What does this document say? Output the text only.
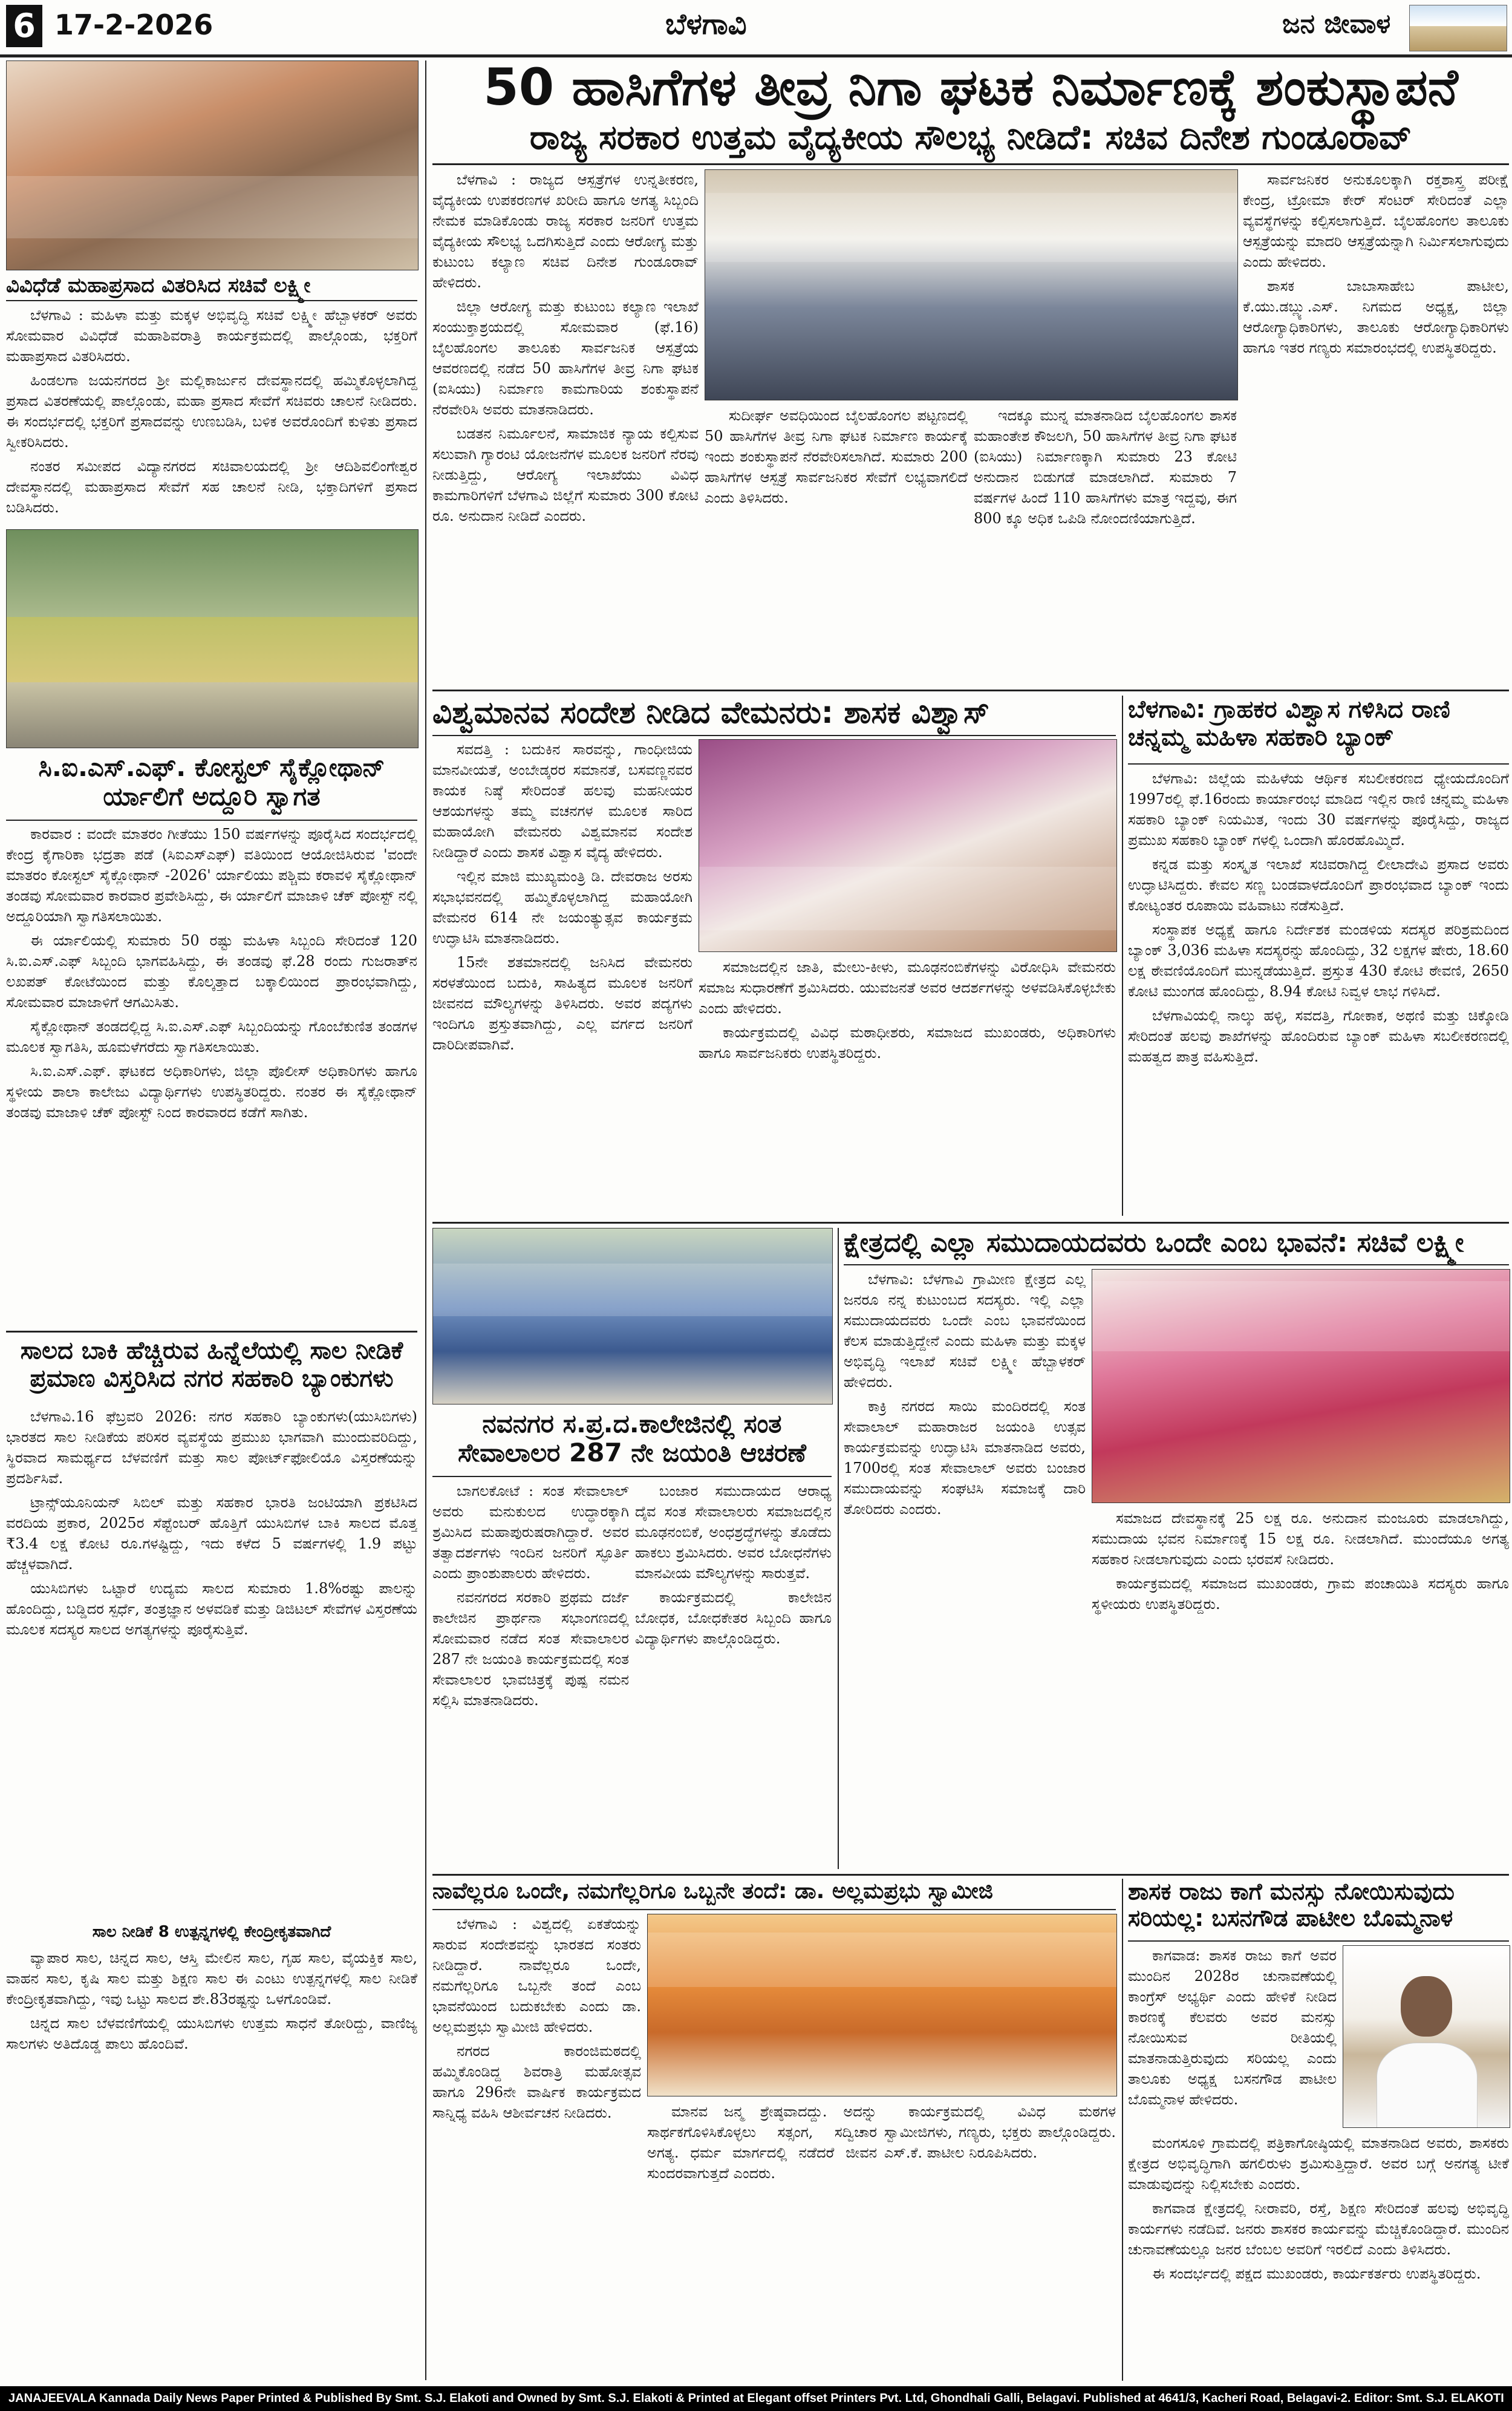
6 17-2-2026	ಬೆಳಗಾವಿ	ಜನ ಜೀವಾಳ
ವಿವಿಧೆಡೆ ಮಹಾಪ್ರಸಾದ ವಿತರಿಸಿದ ಸಚಿವೆ ಲಕ್ಷ್ಮೀ

ಬೆಳಗಾವಿ : ಮಹಿಳಾ ಮತ್ತು ಮಕ್ಕಳ ಅಭಿವೃದ್ಧಿ ಸಚಿವೆ ಲಕ್ಷ್ಮೀ ಹೆಬ್ಬಾಳಕರ್ ಅವರು ಸೋಮವಾರ ವಿವಿಧೆಡೆ ಮಹಾಶಿವರಾತ್ರಿ ಕಾರ್ಯಕ್ರಮದಲ್ಲಿ ಪಾಲ್ಗೊಂಡು, ಭಕ್ತರಿಗೆ ಮಹಾಪ್ರಸಾದ ವಿತರಿಸಿದರು.

ಹಿಂಡಲಗಾ ಜಯನಗರದ ಶ್ರೀ ಮಲ್ಲಿಕಾರ್ಜುನ ದೇವಸ್ಥಾನದಲ್ಲಿ ಹಮ್ಮಿಕೊಳ್ಳಲಾಗಿದ್ದ ಪ್ರಸಾದ ವಿತರಣೆಯಲ್ಲಿ ಪಾಲ್ಗೊಂಡು, ಮಹಾ ಪ್ರಸಾದ ಸೇವೆಗೆ ಸಚಿವರು ಚಾಲನೆ ನೀಡಿದರು. ಈ ಸಂದರ್ಭದಲ್ಲಿ ಭಕ್ತರಿಗೆ ಪ್ರಸಾದವನ್ನು ಉಣಬಡಿಸಿ, ಬಳಿಕ ಅವರೊಂದಿಗೆ ಕುಳಿತು ಪ್ರಸಾದ ಸ್ವೀಕರಿಸಿದರು.

ನಂತರ ಸಮೀಪದ ವಿದ್ಯಾನಗರದ ಸಚಿವಾಲಯದಲ್ಲಿ ಶ್ರೀ ಆದಿಶಿವಲಿಂಗೇಶ್ವರ ದೇವಸ್ಥಾನದಲ್ಲಿ ಮಹಾಪ್ರಸಾದ ಸೇವೆಗೆ ಸಹ ಚಾಲನೆ ನೀಡಿ, ಭಕ್ತಾದಿಗಳಿಗೆ ಪ್ರಸಾದ ಬಡಿಸಿದರು.

ಸಿ.ಐ.ಎಸ್.ಎಫ್. ಕೋಸ್ಟಲ್ ಸೈಕ್ಲೋಥಾನ್ ರ್ಯಾಲಿಗೆ ಅದ್ದೂರಿ ಸ್ವಾಗತ

ಕಾರವಾರ : ವಂದೇ ಮಾತರಂ ಗೀತೆಯು 150 ವರ್ಷಗಳನ್ನು ಪೂರೈಸಿದ ಸಂದರ್ಭದಲ್ಲಿ ಕೇಂದ್ರ ಕೈಗಾರಿಕಾ ಭದ್ರತಾ ಪಡೆ (ಸಿಐಎಸ್‌ಎಫ್) ವತಿಯಿಂದ ಆಯೋಜಿಸಿರುವ 'ವಂದೇ ಮಾತರಂ ಕೋಸ್ಟಲ್ ಸೈಕ್ಲೋಥಾನ್ -2026' ರ್ಯಾಲಿಯು ಪಶ್ಚಿಮ ಕರಾವಳಿ ಸೈಕ್ಲೋಥಾನ್ ತಂಡವು ಸೋಮವಾರ ಕಾರವಾರ ಪ್ರವೇಶಿಸಿದ್ದು, ಈ ರ್ಯಾಲಿಗೆ ಮಾಜಾಳಿ ಚೆಕ್ ಪೋಸ್ಟ್ ನಲ್ಲಿ ಅದ್ದೂರಿಯಾಗಿ ಸ್ವಾಗತಿಸಲಾಯಿತು.

ಈ ರ್ಯಾಲಿಯಲ್ಲಿ ಸುಮಾರು 50 ರಷ್ಟು ಮಹಿಳಾ ಸಿಬ್ಬಂದಿ ಸೇರಿದಂತೆ 120 ಸಿ.ಐ.ಎಸ್.ಎಫ್ ಸಿಬ್ಬಂದಿ ಭಾಗವಹಿಸಿದ್ದು, ಈ ತಂಡವು ಫೆ.28 ರಂದು ಗುಜರಾತ್‌ನ ಲಖಪತ್ ಕೋಟೆಯಿಂದ ಮತ್ತು ಕೊಲ್ಕತ್ತಾದ ಬಕ್ಕಾಲಿಯಿಂದ ಪ್ರಾರಂಭವಾಗಿದ್ದು, ಸೋಮವಾರ ಮಾಜಾಳಿಗೆ ಆಗಮಿಸಿತು.

ಸೈಕ್ಲೋಥಾನ್ ತಂಡದಲ್ಲಿದ್ದ ಸಿ.ಐ.ಎಸ್.ಎಫ್ ಸಿಬ್ಬಂದಿಯನ್ನು ಗೊಂಬೆಕುಣಿತ ತಂಡಗಳ ಮೂಲಕ ಸ್ವಾಗತಿಸಿ, ಹೂಮಳೆಗರೆದು ಸ್ವಾಗತಿಸಲಾಯಿತು.

ಸಿ.ಐ.ಎಸ್.ಎಫ್. ಘಟಕದ ಅಧಿಕಾರಿಗಳು, ಜಿಲ್ಲಾ ಪೊಲೀಸ್ ಅಧಿಕಾರಿಗಳು ಹಾಗೂ ಸ್ಥಳೀಯ ಶಾಲಾ ಕಾಲೇಜು ವಿದ್ಯಾರ್ಥಿಗಳು ಉಪಸ್ಥಿತರಿದ್ದರು. ನಂತರ ಈ ಸೈಕ್ಲೋಥಾನ್ ತಂಡವು ಮಾಜಾಳಿ ಚೆಕ್ ಪೋಸ್ಟ್ ನಿಂದ ಕಾರವಾರದ ಕಡೆಗೆ ಸಾಗಿತು.

ಸಾಲದ ಬಾಕಿ ಹೆಚ್ಚಿರುವ ಹಿನ್ನೆಲೆಯಲ್ಲಿ ಸಾಲ ನೀಡಿಕೆ ಪ್ರಮಾಣ ವಿಸ್ತರಿಸಿದ ನಗರ ಸಹಕಾರಿ ಬ್ಯಾಂಕುಗಳು

ಬೆಳಗಾವಿ.16 ಫೆಬ್ರವರಿ 2026: ನಗರ ಸಹಕಾರಿ ಬ್ಯಾಂಕುಗಳು(ಯುಸಿಬಿಗಳು) ಭಾರತದ ಸಾಲ ನೀಡಿಕೆಯ ಪರಿಸರ ವ್ಯವಸ್ಥೆಯ ಪ್ರಮುಖ ಭಾಗವಾಗಿ ಮುಂದುವರಿದಿದ್ದು, ಸ್ಥಿರವಾದ ಸಾಮರ್ಥ್ಯದ ಬೆಳವಣಿಗೆ ಮತ್ತು ಸಾಲ ಪೋರ್ಟ್‌ಫೋಲಿಯೊ ವಿಸ್ತರಣೆಯನ್ನು ಪ್ರದರ್ಶಿಸಿವೆ.

ಟ್ರಾನ್ಸ್‌ಯೂನಿಯನ್ ಸಿಬಿಲ್ ಮತ್ತು ಸಹಕಾರ ಭಾರತಿ ಜಂಟಿಯಾಗಿ ಪ್ರಕಟಿಸಿದ ವರದಿಯ ಪ್ರಕಾರ, 2025ರ ಸೆಪ್ಟೆಂಬರ್ ಹೊತ್ತಿಗೆ ಯುಸಿಬಿಗಳ ಬಾಕಿ ಸಾಲದ ಮೊತ್ತ ₹3.4 ಲಕ್ಷ ಕೋಟಿ ರೂ.ಗಳಷ್ಟಿದ್ದು, ಇದು ಕಳೆದ 5 ವರ್ಷಗಳಲ್ಲಿ 1.9 ಪಟ್ಟು ಹೆಚ್ಚಳವಾಗಿದೆ.

ಯುಸಿಬಿಗಳು ಒಟ್ಟಾರೆ ಉದ್ಯಮ ಸಾಲದ ಸುಮಾರು 1.8%ರಷ್ಟು ಪಾಲನ್ನು ಹೊಂದಿದ್ದು, ಬಡ್ಡಿದರ ಸ್ಪರ್ಧೆ, ತಂತ್ರಜ್ಞಾನ ಅಳವಡಿಕೆ ಮತ್ತು ಡಿಜಿಟಲ್ ಸೇವೆಗಳ ವಿಸ್ತರಣೆಯ ಮೂಲಕ ಸದಸ್ಯರ ಸಾಲದ ಅಗತ್ಯಗಳನ್ನು ಪೂರೈಸುತ್ತಿವೆ.

ಸಾಲ ನೀಡಿಕೆ 8 ಉತ್ಪನ್ನಗಳಲ್ಲಿ ಕೇಂದ್ರೀಕೃತವಾಗಿದೆ

ವ್ಯಾಪಾರ ಸಾಲ, ಚಿನ್ನದ ಸಾಲ, ಆಸ್ತಿ ಮೇಲಿನ ಸಾಲ, ಗೃಹ ಸಾಲ, ವೈಯಕ್ತಿಕ ಸಾಲ, ವಾಹನ ಸಾಲ, ಕೃಷಿ ಸಾಲ ಮತ್ತು ಶಿಕ್ಷಣ ಸಾಲ ಈ ಎಂಟು ಉತ್ಪನ್ನಗಳಲ್ಲಿ ಸಾಲ ನೀಡಿಕೆ ಕೇಂದ್ರೀಕೃತವಾಗಿದ್ದು, ಇವು ಒಟ್ಟು ಸಾಲದ ಶೇ.83ರಷ್ಟನ್ನು ಒಳಗೊಂಡಿವೆ.

ಚಿನ್ನದ ಸಾಲ ಬೆಳವಣಿಗೆಯಲ್ಲಿ ಯುಸಿಬಿಗಳು ಉತ್ತಮ ಸಾಧನೆ ತೋರಿದ್ದು, ವಾಣಿಜ್ಯ ಸಾಲಗಳು ಅತಿದೊಡ್ಡ ಪಾಲು ಹೊಂದಿವೆ.

50 ಹಾಸಿಗೆಗಳ ತೀವ್ರ ನಿಗಾ ಘಟಕ ನಿರ್ಮಾಣಕ್ಕೆ ಶಂಕುಸ್ಥಾಪನೆ
ರಾಜ್ಯ ಸರಕಾರ ಉತ್ತಮ ವೈದ್ಯಕೀಯ ಸೌಲಭ್ಯ ನೀಡಿದೆ: ಸಚಿವ ದಿನೇಶ ಗುಂಡೂರಾವ್

ಬೆಳಗಾವಿ : ರಾಜ್ಯದ ಆಸ್ಪತ್ರೆಗಳ ಉನ್ನತೀಕರಣ, ವೈದ್ಯಕೀಯ ಉಪಕರಣಗಳ ಖರೀದಿ ಹಾಗೂ ಅಗತ್ಯ ಸಿಬ್ಬಂದಿ ನೇಮಕ ಮಾಡಿಕೊಂಡು ರಾಜ್ಯ ಸರಕಾರ ಜನರಿಗೆ ಉತ್ತಮ ವೈದ್ಯಕೀಯ ಸೌಲಭ್ಯ ಒದಗಿಸುತ್ತಿದೆ ಎಂದು ಆರೋಗ್ಯ ಮತ್ತು ಕುಟುಂಬ ಕಲ್ಯಾಣ ಸಚಿವ ದಿನೇಶ ಗುಂಡೂರಾವ್ ಹೇಳಿದರು.

ಜಿಲ್ಲಾ ಆರೋಗ್ಯ ಮತ್ತು ಕುಟುಂಬ ಕಲ್ಯಾಣ ಇಲಾಖೆ ಸಂಯುಕ್ತಾಶ್ರಯದಲ್ಲಿ ಸೋಮವಾರ (ಫೆ.16) ಬೈಲಹೊಂಗಲ ತಾಲೂಕು ಸಾರ್ವಜನಿಕ ಆಸ್ಪತ್ರೆಯ ಆವರಣದಲ್ಲಿ ನಡೆದ 50 ಹಾಸಿಗೆಗಳ ತೀವ್ರ ನಿಗಾ ಘಟಕ (ಐಸಿಯು) ನಿರ್ಮಾಣ ಕಾಮಗಾರಿಯ ಶಂಕುಸ್ಥಾಪನೆ ನೆರವೇರಿಸಿ ಅವರು ಮಾತನಾಡಿದರು.

ಬಡತನ ನಿರ್ಮೂಲನೆ, ಸಾಮಾಜಿಕ ನ್ಯಾಯ ಕಲ್ಪಿಸುವ ಸಲುವಾಗಿ ಗ್ಯಾರಂಟಿ ಯೋಜನೆಗಳ ಮೂಲಕ ಜನರಿಗೆ ನೆರವು ನೀಡುತ್ತಿದ್ದು, ಆರೋಗ್ಯ ಇಲಾಖೆಯು ವಿವಿಧ ಕಾಮಗಾರಿಗಳಿಗೆ ಬೆಳಗಾವಿ ಜಿಲ್ಲೆಗೆ ಸುಮಾರು 300 ಕೋಟಿ ರೂ. ಅನುದಾನ ನೀಡಿದೆ ಎಂದರು.

ಸುದೀರ್ಘ ಅವಧಿಯಿಂದ ಬೈಲಹೊಂಗಲ ಪಟ್ಟಣದಲ್ಲಿ 50 ಹಾಸಿಗೆಗಳ ತೀವ್ರ ನಿಗಾ ಘಟಕ ನಿರ್ಮಾಣ ಕಾರ್ಯಕ್ಕೆ ಇಂದು ಶಂಕುಸ್ಥಾಪನೆ ನೆರವೇರಿಸಲಾಗಿದೆ. ಸುಮಾರು 200 ಹಾಸಿಗೆಗಳ ಆಸ್ಪತ್ರೆ ಸಾರ್ವಜನಿಕರ ಸೇವೆಗೆ ಲಭ್ಯವಾಗಲಿದೆ ಎಂದು ತಿಳಿಸಿದರು.

ಇದಕ್ಕೂ ಮುನ್ನ ಮಾತನಾಡಿದ ಬೈಲಹೊಂಗಲ ಶಾಸಕ ಮಹಾಂತೇಶ ಕೌಜಲಗಿ, 50 ಹಾಸಿಗೆಗಳ ತೀವ್ರ ನಿಗಾ ಘಟಕ (ಐಸಿಯು) ನಿರ್ಮಾಣಕ್ಕಾಗಿ ಸುಮಾರು 23 ಕೋಟಿ ಅನುದಾನ ಬಿಡುಗಡೆ ಮಾಡಲಾಗಿದೆ. ಸುಮಾರು 7 ವರ್ಷಗಳ ಹಿಂದೆ 110 ಹಾಸಿಗೆಗಳು ಮಾತ್ರ ಇದ್ದವು, ಈಗ 800 ಕ್ಕೂ ಅಧಿಕ ಒಪಿಡಿ ನೋಂದಣಿಯಾಗುತ್ತಿದೆ.

ಸಾರ್ವಜನಿಕರ ಅನುಕೂಲಕ್ಕಾಗಿ ರಕ್ತಶಾಸ್ತ್ರ ಪರೀಕ್ಷೆ ಕೇಂದ್ರ, ಟ್ರೋಮಾ ಕೇರ್ ಸೆಂಟರ್ ಸೇರಿದಂತೆ ಎಲ್ಲಾ ವ್ಯವಸ್ಥೆಗಳನ್ನು ಕಲ್ಪಿಸಲಾಗುತ್ತಿದೆ. ಬೈಲಹೊಂಗಲ ತಾಲೂಕು ಆಸ್ಪತ್ರೆಯನ್ನು ಮಾದರಿ ಆಸ್ಪತ್ರೆಯನ್ನಾಗಿ ನಿರ್ಮಿಸಲಾಗುವುದು ಎಂದು ಹೇಳಿದರು.

ಶಾಸಕ ಬಾಬಾಸಾಹೇಬ ಪಾಟೀಲ, ಕೆ.ಯು.ಡಬ್ಲ್ಯು.ಎಸ್. ನಿಗಮದ ಅಧ್ಯಕ್ಷ, ಜಿಲ್ಲಾ ಆರೋಗ್ಯಾಧಿಕಾರಿಗಳು, ತಾಲೂಕು ಆರೋಗ್ಯಾಧಿಕಾರಿಗಳು ಹಾಗೂ ಇತರ ಗಣ್ಯರು ಸಮಾರಂಭದಲ್ಲಿ ಉಪಸ್ಥಿತರಿದ್ದರು.

ವಿಶ್ವಮಾನವ ಸಂದೇಶ ನೀಡಿದ ವೇಮನರು: ಶಾಸಕ ವಿಶ್ವಾಸ್

ಸವದತ್ತಿ : ಬದುಕಿನ ಸಾರವನ್ನು, ಗಾಂಧೀಜಿಯ ಮಾನವೀಯತೆ, ಅಂಬೇಡ್ಕರರ ಸಮಾನತೆ, ಬಸವಣ್ಣನವರ ಕಾಯಕ ನಿಷ್ಠೆ ಸೇರಿದಂತೆ ಹಲವು ಮಹನೀಯರ ಆಶಯಗಳನ್ನು ತಮ್ಮ ವಚನಗಳ ಮೂಲಕ ಸಾರಿದ ಮಹಾಯೋಗಿ ವೇಮನರು ವಿಶ್ವಮಾನವ ಸಂದೇಶ ನೀಡಿದ್ದಾರೆ ಎಂದು ಶಾಸಕ ವಿಶ್ವಾಸ ವೈದ್ಯ ಹೇಳಿದರು.

ಇಲ್ಲಿನ ಮಾಜಿ ಮುಖ್ಯಮಂತ್ರಿ ಡಿ. ದೇವರಾಜ ಅರಸು ಸಭಾಭವನದಲ್ಲಿ ಹಮ್ಮಿಕೊಳ್ಳಲಾಗಿದ್ದ ಮಹಾಯೋಗಿ ವೇಮನರ 614 ನೇ ಜಯಂತ್ಯುತ್ಸವ ಕಾರ್ಯಕ್ರಮ ಉದ್ಘಾಟಿಸಿ ಮಾತನಾಡಿದರು.

15ನೇ ಶತಮಾನದಲ್ಲಿ ಜನಿಸಿದ ವೇಮನರು ಸರಳತೆಯಿಂದ ಬದುಕಿ, ಸಾಹಿತ್ಯದ ಮೂಲಕ ಜನರಿಗೆ ಜೀವನದ ಮೌಲ್ಯಗಳನ್ನು ತಿಳಿಸಿದರು. ಅವರ ಪದ್ಯಗಳು ಇಂದಿಗೂ ಪ್ರಸ್ತುತವಾಗಿದ್ದು, ಎಲ್ಲ ವರ್ಗದ ಜನರಿಗೆ ದಾರಿದೀಪವಾಗಿವೆ.

ಸಮಾಜದಲ್ಲಿನ ಜಾತಿ, ಮೇಲು-ಕೀಳು, ಮೂಢನಂಬಿಕೆಗಳನ್ನು ವಿರೋಧಿಸಿ ವೇಮನರು ಸಮಾಜ ಸುಧಾರಣೆಗೆ ಶ್ರಮಿಸಿದರು. ಯುವಜನತೆ ಅವರ ಆದರ್ಶಗಳನ್ನು ಅಳವಡಿಸಿಕೊಳ್ಳಬೇಕು ಎಂದು ಹೇಳಿದರು.

ಕಾರ್ಯಕ್ರಮದಲ್ಲಿ ವಿವಿಧ ಮಠಾಧೀಶರು, ಸಮಾಜದ ಮುಖಂಡರು, ಅಧಿಕಾರಿಗಳು ಹಾಗೂ ಸಾರ್ವಜನಿಕರು ಉಪಸ್ಥಿತರಿದ್ದರು.

ಬೆಳಗಾವಿ: ಗ್ರಾಹಕರ ವಿಶ್ವಾಸ ಗಳಿಸಿದ ರಾಣಿ ಚನ್ನಮ್ಮ ಮಹಿಳಾ ಸಹಕಾರಿ ಬ್ಯಾಂಕ್

ಬೆಳಗಾವಿ: ಜಿಲ್ಲೆಯ ಮಹಿಳೆಯ ಆರ್ಥಿಕ ಸಬಲೀಕರಣದ ಧ್ಯೇಯದೊಂದಿಗೆ 1997ರಲ್ಲಿ ಫೆ.16ರಂದು ಕಾರ್ಯಾರಂಭ ಮಾಡಿದ ಇಲ್ಲಿನ ರಾಣಿ ಚನ್ನಮ್ಮ ಮಹಿಳಾ ಸಹಕಾರಿ ಬ್ಯಾಂಕ್ ನಿಯಮಿತ, ಇಂದು 30 ವರ್ಷಗಳನ್ನು ಪೂರೈಸಿದ್ದು, ರಾಜ್ಯದ ಪ್ರಮುಖ ಸಹಕಾರಿ ಬ್ಯಾಂಕ್ ಗಳಲ್ಲಿ ಒಂದಾಗಿ ಹೊರಹೊಮ್ಮಿದೆ.

ಕನ್ನಡ ಮತ್ತು ಸಂಸ್ಕೃತ ಇಲಾಖೆ ಸಚಿವರಾಗಿದ್ದ ಲೀಲಾದೇವಿ ಪ್ರಸಾದ ಅವರು ಉದ್ಘಾಟಿಸಿದ್ದರು. ಕೇವಲ ಸಣ್ಣ ಬಂಡವಾಳದೊಂದಿಗೆ ಪ್ರಾರಂಭವಾದ ಬ್ಯಾಂಕ್ ಇಂದು ಕೋಟ್ಯಂತರ ರೂಪಾಯಿ ವಹಿವಾಟು ನಡೆಸುತ್ತಿದೆ.

ಸಂಸ್ಥಾಪಕ ಅಧ್ಯಕ್ಷೆ ಹಾಗೂ ನಿರ್ದೇಶಕ ಮಂಡಳಿಯ ಸದಸ್ಯರ ಪರಿಶ್ರಮದಿಂದ ಬ್ಯಾಂಕ್ 3,036 ಮಹಿಳಾ ಸದಸ್ಯರನ್ನು ಹೊಂದಿದ್ದು, 32 ಲಕ್ಷಗಳ ಷೇರು, 18.60 ಲಕ್ಷ ಠೇವಣಿಯೊಂದಿಗೆ ಮುನ್ನಡೆಯುತ್ತಿದೆ. ಪ್ರಸ್ತುತ 430 ಕೋಟಿ ಠೇವಣಿ, 2650 ಕೋಟಿ ಮುಂಗಡ ಹೊಂದಿದ್ದು, 8.94 ಕೋಟಿ ನಿವ್ವಳ ಲಾಭ ಗಳಿಸಿದೆ.

ಬೆಳಗಾವಿಯಲ್ಲಿ ನಾಲ್ಕು ಹಳ್ಳಿ, ಸವದತ್ತಿ, ಗೋಕಾಕ, ಅಥಣಿ ಮತ್ತು ಚಿಕ್ಕೋಡಿ ಸೇರಿದಂತೆ ಹಲವು ಶಾಖೆಗಳನ್ನು ಹೊಂದಿರುವ ಬ್ಯಾಂಕ್ ಮಹಿಳಾ ಸಬಲೀಕರಣದಲ್ಲಿ ಮಹತ್ವದ ಪಾತ್ರ ವಹಿಸುತ್ತಿದೆ.

ನವನಗರ ಸ.ಪ್ರ.ದ.ಕಾಲೇಜಿನಲ್ಲಿ ಸಂತ ಸೇವಾಲಾಲರ 287 ನೇ ಜಯಂತಿ ಆಚರಣೆ

ಬಾಗಲಕೋಟೆ : ಸಂತ ಸೇವಾಲಾಲ್ ಅವರು ಮನುಕುಲದ ಉದ್ಧಾರಕ್ಕಾಗಿ ಶ್ರಮಿಸಿದ ಮಹಾಪುರುಷರಾಗಿದ್ದಾರೆ. ಅವರ ತತ್ವಾದರ್ಶಗಳು ಇಂದಿನ ಜನರಿಗೆ ಸ್ಫೂರ್ತಿ ಎಂದು ಪ್ರಾಂಶುಪಾಲರು ಹೇಳಿದರು.

ನವನಗರದ ಸರಕಾರಿ ಪ್ರಥಮ ದರ್ಜೆ ಕಾಲೇಜಿನ ಪ್ರಾರ್ಥನಾ ಸಭಾಂಗಣದಲ್ಲಿ ಸೋಮವಾರ ನಡೆದ ಸಂತ ಸೇವಾಲಾಲರ 287 ನೇ ಜಯಂತಿ ಕಾರ್ಯಕ್ರಮದಲ್ಲಿ ಸಂತ ಸೇವಾಲಾಲರ ಭಾವಚಿತ್ರಕ್ಕೆ ಪುಷ್ಪ ನಮನ ಸಲ್ಲಿಸಿ ಮಾತನಾಡಿದರು.

ಬಂಜಾರ ಸಮುದಾಯದ ಆರಾಧ್ಯ ದೈವ ಸಂತ ಸೇವಾಲಾಲರು ಸಮಾಜದಲ್ಲಿನ ಮೂಢನಂಬಿಕೆ, ಅಂಧಶ್ರದ್ಧೆಗಳನ್ನು ತೊಡೆದು ಹಾಕಲು ಶ್ರಮಿಸಿದರು. ಅವರ ಬೋಧನೆಗಳು ಮಾನವೀಯ ಮೌಲ್ಯಗಳನ್ನು ಸಾರುತ್ತವೆ.

ಕಾರ್ಯಕ್ರಮದಲ್ಲಿ ಕಾಲೇಜಿನ ಬೋಧಕ, ಬೋಧಕೇತರ ಸಿಬ್ಬಂದಿ ಹಾಗೂ ವಿದ್ಯಾರ್ಥಿಗಳು ಪಾಲ್ಗೊಂಡಿದ್ದರು.

ಕ್ಷೇತ್ರದಲ್ಲಿ ಎಲ್ಲಾ ಸಮುದಾಯದವರು ಒಂದೇ ಎಂಬ ಭಾವನೆ: ಸಚಿವೆ ಲಕ್ಷ್ಮೀ

ಬೆಳಗಾವಿ: ಬೆಳಗಾವಿ ಗ್ರಾಮೀಣ ಕ್ಷೇತ್ರದ ಎಲ್ಲ ಜನರೂ ನನ್ನ ಕುಟುಂಬದ ಸದಸ್ಯರು. ಇಲ್ಲಿ ಎಲ್ಲಾ ಸಮುದಾಯದವರು ಒಂದೇ ಎಂಬ ಭಾವನೆಯಿಂದ ಕೆಲಸ ಮಾಡುತ್ತಿದ್ದೇನೆ ಎಂದು ಮಹಿಳಾ ಮತ್ತು ಮಕ್ಕಳ ಅಭಿವೃದ್ಧಿ ಇಲಾಖೆ ಸಚಿವೆ ಲಕ್ಷ್ಮೀ ಹೆಬ್ಬಾಳಕರ್ ಹೇಳಿದರು.

ಕಾಕ್ರಿ ನಗರದ ಸಾಯಿ ಮಂದಿರದಲ್ಲಿ ಸಂತ ಸೇವಾಲಾಲ್ ಮಹಾರಾಜರ ಜಯಂತಿ ಉತ್ಸವ ಕಾರ್ಯಕ್ರಮವನ್ನು ಉದ್ಘಾಟಿಸಿ ಮಾತನಾಡಿದ ಅವರು, 1700ರಲ್ಲಿ ಸಂತ ಸೇವಾಲಾಲ್ ಅವರು ಬಂಜಾರ ಸಮುದಾಯವನ್ನು ಸಂಘಟಿಸಿ ಸಮಾಜಕ್ಕೆ ದಾರಿ ತೋರಿದರು ಎಂದರು.

ಸಮಾಜದ ದೇವಸ್ಥಾನಕ್ಕೆ 25 ಲಕ್ಷ ರೂ. ಅನುದಾನ ಮಂಜೂರು ಮಾಡಲಾಗಿದ್ದು, ಸಮುದಾಯ ಭವನ ನಿರ್ಮಾಣಕ್ಕೆ 15 ಲಕ್ಷ ರೂ. ನೀಡಲಾಗಿದೆ. ಮುಂದೆಯೂ ಅಗತ್ಯ ಸಹಕಾರ ನೀಡಲಾಗುವುದು ಎಂದು ಭರವಸೆ ನೀಡಿದರು.

ಕಾರ್ಯಕ್ರಮದಲ್ಲಿ ಸಮಾಜದ ಮುಖಂಡರು, ಗ್ರಾಮ ಪಂಚಾಯಿತಿ ಸದಸ್ಯರು ಹಾಗೂ ಸ್ಥಳೀಯರು ಉಪಸ್ಥಿತರಿದ್ದರು.

ನಾವೆಲ್ಲರೂ ಒಂದೇ, ನಮಗೆಲ್ಲರಿಗೂ ಒಬ್ಬನೇ ತಂದೆ: ಡಾ. ಅಲ್ಲಮಪ್ರಭು ಸ್ವಾಮೀಜಿ

ಬೆಳಗಾವಿ : ವಿಶ್ವದಲ್ಲಿ ಏಕತೆಯನ್ನು ಸಾರುವ ಸಂದೇಶವನ್ನು ಭಾರತದ ಸಂತರು ನೀಡಿದ್ದಾರೆ. ನಾವೆಲ್ಲರೂ ಒಂದೇ, ನಮಗೆಲ್ಲರಿಗೂ ಒಬ್ಬನೇ ತಂದೆ ಎಂಬ ಭಾವನೆಯಿಂದ ಬದುಕಬೇಕು ಎಂದು ಡಾ. ಅಲ್ಲಮಪ್ರಭು ಸ್ವಾಮೀಜಿ ಹೇಳಿದರು.

ನಗರದ ಕಾರಂಜಿಮಠದಲ್ಲಿ ಹಮ್ಮಿಕೊಂಡಿದ್ದ ಶಿವರಾತ್ರಿ ಮಹೋತ್ಸವ ಹಾಗೂ 296ನೇ ವಾರ್ಷಿಕ ಕಾರ್ಯಕ್ರಮದ ಸಾನ್ನಿಧ್ಯ ವಹಿಸಿ ಆಶೀರ್ವಚನ ನೀಡಿದರು.	ಮಾನವ ಜನ್ಮ ಶ್ರೇಷ್ಠವಾದದ್ದು. ಅದನ್ನು ಸಾರ್ಥಕಗೊಳಿಸಿಕೊಳ್ಳಲು ಸತ್ಸಂಗ, ಸದ್ವಿಚಾರ ಅಗತ್ಯ. ಧರ್ಮ ಮಾರ್ಗದಲ್ಲಿ ನಡೆದರೆ ಜೀವನ ಸುಂದರವಾಗುತ್ತದೆ ಎಂದರು.

ಕಾರ್ಯಕ್ರಮದಲ್ಲಿ ವಿವಿಧ ಮಠಗಳ ಸ್ವಾಮೀಜಿಗಳು, ಗಣ್ಯರು, ಭಕ್ತರು ಪಾಲ್ಗೊಂಡಿದ್ದರು. ಎಸ್.ಕೆ. ಪಾಟೀಲ ನಿರೂಪಿಸಿದರು.

ಶಾಸಕ ರಾಜು ಕಾಗೆ ಮನಸ್ಸು ನೋಯಿಸುವುದು ಸರಿಯಲ್ಲ: ಬಸನಗೌಡ ಪಾಟೀಲ ಬೊಮ್ಮನಾಳ

ಕಾಗವಾಡ: ಶಾಸಕ ರಾಜು ಕಾಗೆ ಅವರ ಮುಂದಿನ 2028ರ ಚುನಾವಣೆಯಲ್ಲಿ ಕಾಂಗ್ರೆಸ್ ಅಭ್ಯರ್ಥಿ ಎಂದು ಹೇಳಿಕೆ ನೀಡಿದ ಕಾರಣಕ್ಕೆ ಕೆಲವರು ಅವರ ಮನಸ್ಸು ನೋಯಿಸುವ ರೀತಿಯಲ್ಲಿ ಮಾತನಾಡುತ್ತಿರುವುದು ಸರಿಯಲ್ಲ ಎಂದು ತಾಲೂಕು ಅಧ್ಯಕ್ಷ ಬಸನಗೌಡ ಪಾಟೀಲ ಬೊಮ್ಮನಾಳ ಹೇಳಿದರು.

ಮಂಗಸೂಳಿ ಗ್ರಾಮದಲ್ಲಿ ಪತ್ರಿಕಾಗೋಷ್ಠಿಯಲ್ಲಿ ಮಾತನಾಡಿದ ಅವರು, ಶಾಸಕರು ಕ್ಷೇತ್ರದ ಅಭಿವೃದ್ಧಿಗಾಗಿ ಹಗಲಿರುಳು ಶ್ರಮಿಸುತ್ತಿದ್ದಾರೆ. ಅವರ ಬಗ್ಗೆ ಅನಗತ್ಯ ಟೀಕೆ ಮಾಡುವುದನ್ನು ನಿಲ್ಲಿಸಬೇಕು ಎಂದರು.

ಕಾಗವಾಡ ಕ್ಷೇತ್ರದಲ್ಲಿ ನೀರಾವರಿ, ರಸ್ತೆ, ಶಿಕ್ಷಣ ಸೇರಿದಂತೆ ಹಲವು ಅಭಿವೃದ್ಧಿ ಕಾರ್ಯಗಳು ನಡೆದಿವೆ. ಜನರು ಶಾಸಕರ ಕಾರ್ಯವನ್ನು ಮೆಚ್ಚಿಕೊಂಡಿದ್ದಾರೆ. ಮುಂದಿನ ಚುನಾವಣೆಯಲ್ಲೂ ಜನರ ಬೆಂಬಲ ಅವರಿಗೆ ಇರಲಿದೆ ಎಂದು ತಿಳಿಸಿದರು.

ಈ ಸಂದರ್ಭದಲ್ಲಿ ಪಕ್ಷದ ಮುಖಂಡರು, ಕಾರ್ಯಕರ್ತರು ಉಪಸ್ಥಿತರಿದ್ದರು.

JANAJEEVALA Kannada Daily News Paper Printed & Published By Smt. S.J. Elakoti and Owned by Smt. S.J. Elakoti & Printed at Elegant offset Printers Pvt. Ltd, Ghondhali Galli, Belagavi. Published at 4641/3, Kacheri Road, Belagavi-2. Editor: Smt. S.J. ELAKOTI
